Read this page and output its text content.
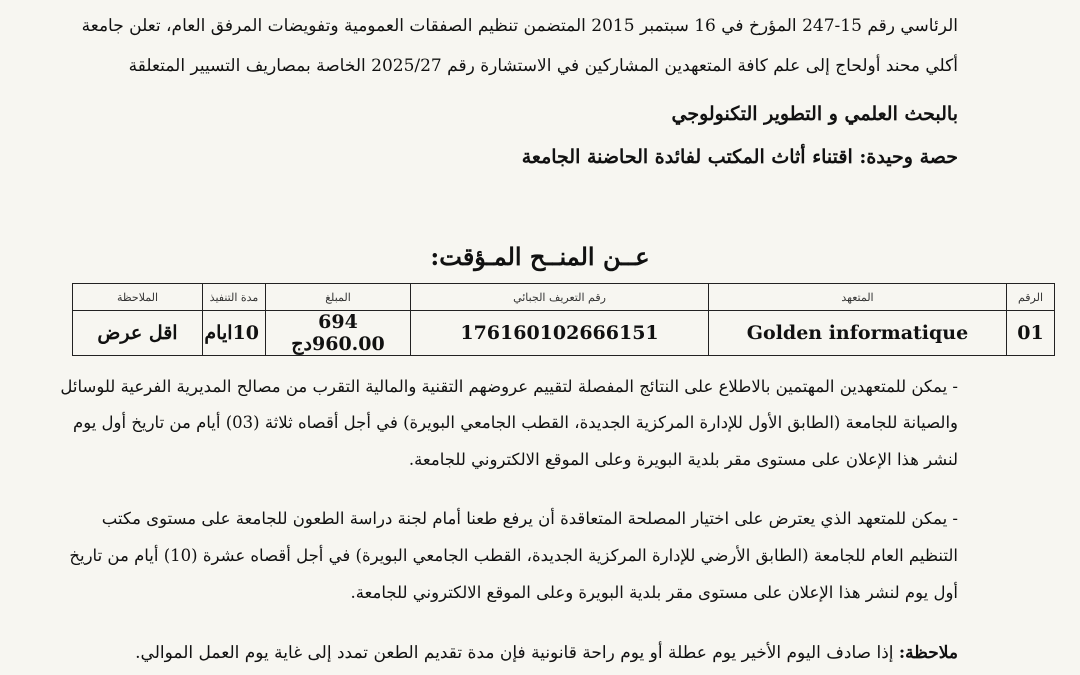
الرئاسي رقم 15-247 المؤرخ في 16 سبتمبر 2015 المتضمن تنظيم الصفقات العمومية وتفويضات المرفق العام، تعلن جامعة
أكلي محند أولحاج إلى علم كافة المتعهدين المشاركين في الاستشارة رقم 2025/27 الخاصة بمصاريف التسيير المتعلقة
بالبحث العلمي و التطوير التكنولوجي
حصة وحيدة: اقتناء أثاث المكتب لفائدة الحاضنة الجامعة
عــن المنــح المـؤقت:
الرقم	المتعهد	رقم التعريف الجبائي	المبلغ	مدة التنفيذ	الملاحظة
01	Golden informatique	176160102666151	694 960.00دج	10ايام	اقل عرض
- يمكن للمتعهدين المهتمين بالاطلاع على النتائج المفصلة لتقييم عروضهم التقنية والمالية التقرب من مصالح المديرية الفرعية للوسائل
والصيانة للجامعة (الطابق الأول للإدارة المركزية الجديدة، القطب الجامعي البويرة) في أجل أقصاه ثلاثة (03) أيام من تاريخ أول يوم
لنشر هذا الإعلان على مستوى مقر بلدية البويرة وعلى الموقع الالكتروني للجامعة.
- يمكن للمتعهد الذي يعترض على اختيار المصلحة المتعاقدة أن يرفع طعنا أمام لجنة دراسة الطعون للجامعة على مستوى مكتب
التنظيم العام للجامعة (الطابق الأرضي للإدارة المركزية الجديدة، القطب الجامعي البويرة) في أجل أقصاه عشرة (10) أيام من تاريخ
أول يوم لنشر هذا الإعلان على مستوى مقر بلدية البويرة وعلى الموقع الالكتروني للجامعة.
ملاحظة: إذا صادف اليوم الأخير يوم عطلة أو يوم راحة قانونية فإن مدة تقديم الطعن تمدد إلى غاية يوم العمل الموالي.
